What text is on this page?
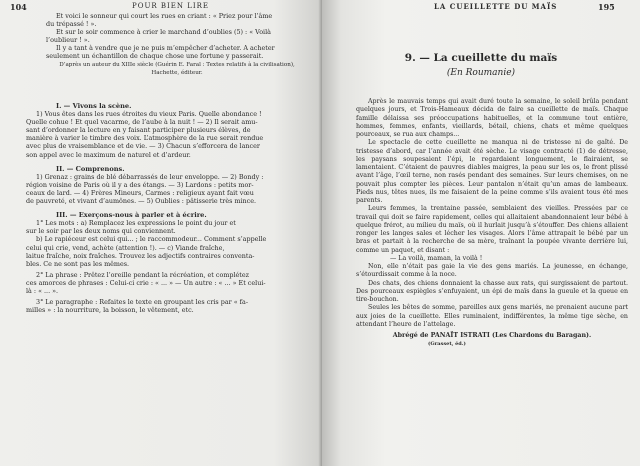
104	POUR BIEN LIRE

Et voici le sonneur qui court les rues en criant : « Priez pour l’âme

du trépassé ! ».

Et sur le soir commence à crier le marchand d’oublies (5) : « Voilà

l’oublieur ! ».

Il y a tant à vendre que je ne puis m’empêcher d’acheter. A acheter

seulement un échantillon de chaque chose une fortune y passerait.

D’après un auteur du XIIIe siècle (Guérin E. Faral : Textes relatifs à la civilisation), Hachette, éditeur.

I. — Vivons la scène.

1) Vous êtes dans les rues étroites du vieux Paris. Quelle abondance !

Quelle cohue ! Et quel vacarme, de l’aube à la nuit ! — 2) Il serait amu-

sant d’ordonner la lecture en y faisant participer plusieurs élèves, de

manière à varier le timbre des voix. L’atmosphère de la rue serait rendue

avec plus de vraisemblance et de vie. — 3) Chacun s’efforcera de lancer

son appel avec le maximum de naturel et d’ardeur.

II. — Comprenons.

1) Grenaz : grains de blé débarrassés de leur enveloppe. — 2) Bondy :

région voisine de Paris où il y a des étangs. — 3) Lardons : petits mor-

ceaux de lard. — 4) Frères Mineurs, Carmes : religieux ayant fait vœu

de pauvreté, et vivant d’aumônes. — 5) Oublies : pâtisserie très mince.

III. — Exerçons-nous à parler et à écrire.

1° Les mots : a) Remplacez les expressions le point du jour et

sur le soir par les deux noms qui conviennent.

b) Le rapiéceur est celui qui... ; le raccommodeur... Comment s’appelle

celui qui crie, vend, achète (attention !). — c) Viande fraîche,

laitue fraîche, noix fraîches. Trouvez les adjectifs contraires conventa-

bles. Ce ne sont pas les mêmes.

2° La phrase : Prêtez l’oreille pendant la récréation, et complétez

ces amorces de phrases : Celui-ci crie : « ... » — Un autre : « ... » Et celui-

là : « ... ».

3° Le paragraphe : Refaites le texte en groupant les cris par « fa-

milles » : la nourriture, la boisson, le vêtement, etc.

LA CUEILLETTE DU MAÏS	195
9. — La cueillette du maïs
(En Roumanie)

Après le mauvais temps qui avait duré toute la semaine, le soleil brûla pendant quelques jours, et Trois-Hameaux décida de faire sa cueillette de maïs. Chaque famille délaissa ses préoccupations habituelles, et la commune tout entière, hommes, femmes, enfants, vieillards, bétail, chiens, chats et même quelques pourceaux, se rua aux champs...

Le spectacle de cette cueillette ne manqua ni de tristesse ni de gaîté. De tristesse d’abord, car l’année avait été sèche. Le visage contracté (1) de détresse, les paysans soupesaient l’épi, le regardaient longuement, le flairaient, se lamentaient. C’étaient de pauvres diables maigres, la peau sur les os, le front plissé avant l’âge, l’œil terne, non rasés pendant des semaines. Sur leurs chemises, on ne pouvait plus compter les pièces. Leur pantalon n’était qu’un amas de lambeaux. Pieds nus, têtes nues, ils me faisaient de la peine comme s’ils avaient tous été mes parents.

Leurs femmes, la trentaine passée, semblaient des vieilles. Pressées par ce travail qui doit se faire rapidement, celles qui allaitaient abandonnaient leur bébé à quelque frérot, au milieu du maïs, où il hurlait jusqu’à s’étouffer. Des chiens allaient ronger les langes sales et lécher les visages. Alors l’âme attrapait le bébé par un bras et partait à la recherche de sa mère, traînant la poupée vivante derrière lui, comme un paquet, et disant :

— La voilà, maman, la voilà !

Non, elle n’était pas gaie la vie des gens mariés. La jeunesse, en échange, s’étourdissait comme à la noce.

Des chats, des chiens donnaient la chasse aux rats, qui surgissaient de partout. Des pourceaux espiègles s’enfuyaient, un épi de maïs dans la gueule et la queue en tire-bouchon.

Seules les bêtes de somme, pareilles aux gens mariés, ne prenaient aucune part aux joies de la cueillette. Elles ruminaient, indifférentes, la même tige sèche, en attendant l’heure de l’attelage.

Abrégé de PANAÏT ISTRATI (Les Chardons du Baragan).

(Grasset, éd.)
